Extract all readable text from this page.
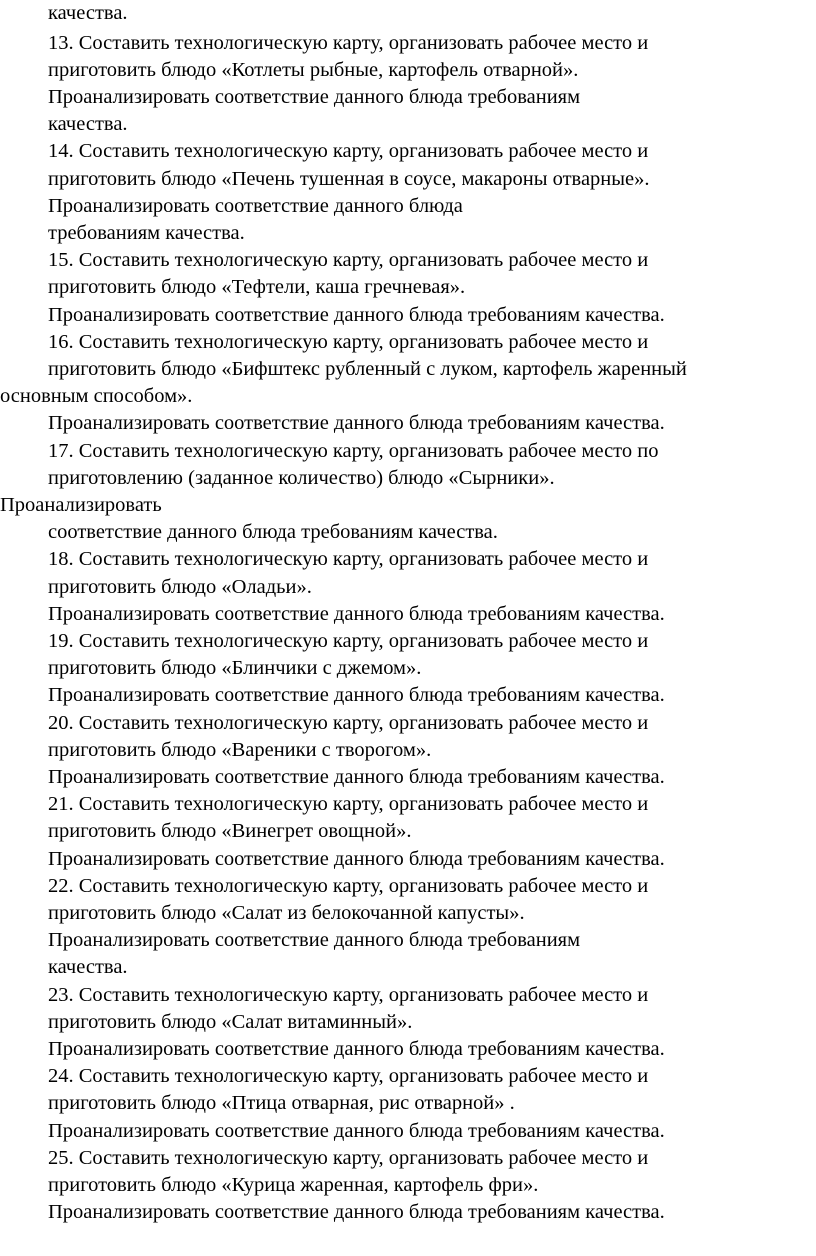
качества.
13. Составить технологическую карту, организовать рабочее место и
приготовить блюдо «Котлеты рыбные, картофель отварной».
Проанализировать соответствие данного блюда требованиям
качества.
14. Составить технологическую карту, организовать рабочее место и
приготовить блюдо «Печень тушенная в соусе, макароны отварные».
Проанализировать соответствие данного блюда
требованиям качества.
15. Составить технологическую карту, организовать рабочее место и
приготовить блюдо «Тефтели, каша гречневая».
Проанализировать соответствие данного блюда требованиям качества.
16. Составить технологическую карту, организовать рабочее место и
приготовить блюдо «Бифштекс рубленный с луком, картофель жаренный
основным способом».
Проанализировать соответствие данного блюда требованиям качества.
17. Составить технологическую карту, организовать рабочее место по
приготовлению (заданное количество) блюдо «Сырники».
Проанализировать
соответствие данного блюда требованиям качества.
18. Составить технологическую карту, организовать рабочее место и
приготовить блюдо «Оладьи».
Проанализировать соответствие данного блюда требованиям качества.
19. Составить технологическую карту, организовать рабочее место и
приготовить блюдо «Блинчики с джемом».
Проанализировать соответствие данного блюда требованиям качества.
20. Составить технологическую карту, организовать рабочее место и
приготовить блюдо «Вареники с творогом».
Проанализировать соответствие данного блюда требованиям качества.
21. Составить технологическую карту, организовать рабочее место и
приготовить блюдо «Винегрет овощной».
Проанализировать соответствие данного блюда требованиям качества.
22. Составить технологическую карту, организовать рабочее место и
приготовить блюдо «Салат из белокочанной капусты».
Проанализировать соответствие данного блюда требованиям
качества.
23. Составить технологическую карту, организовать рабочее место и
приготовить блюдо «Салат витаминный».
Проанализировать соответствие данного блюда требованиям качества.
24. Составить технологическую карту, организовать рабочее место и
приготовить блюдо «Птица отварная, рис отварной» .
Проанализировать соответствие данного блюда требованиям качества.
25. Составить технологическую карту, организовать рабочее место и
приготовить блюдо «Курица жаренная, картофель фри».
Проанализировать соответствие данного блюда требованиям качества.
